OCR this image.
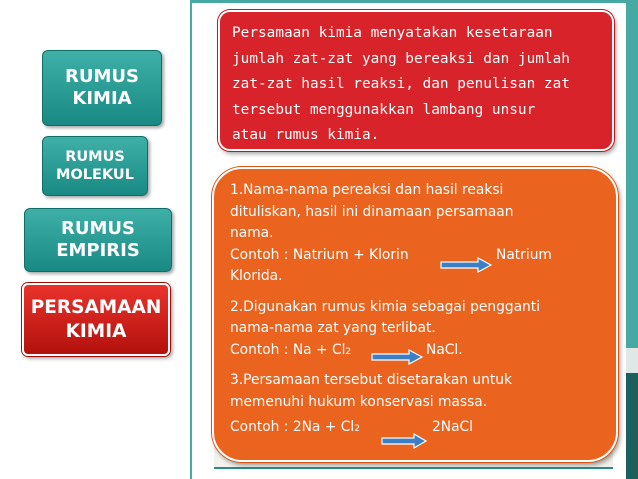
RUMUS
KIMIA
RUMUS
MOLEKUL
RUMUS
EMPIRIS
PERSAMAAN
KIMIA
Persamaan kimia menyatakan kesetaraan
jumlah zat-zat yang bereaksi dan jumlah
zat-zat hasil reaksi, dan penulisan zat
tersebut menggunakkan lambang unsur
atau rumus kimia.
1.Nama-nama pereaksi dan hasil reaksi
dituliskan, hasil ini dinamaan persamaan
nama.
Contoh : Natrium + Klorin	Natrium
Klorida.
2.Digunakan rumus kimia sebagai pengganti
nama-nama zat yang terlibat.
Contoh : Na + Cl2	NaCl.
3.Persamaan tersebut disetarakan untuk
memenuhi hukum konservasi massa.
Contoh : 2Na + Cl2	2NaCl
